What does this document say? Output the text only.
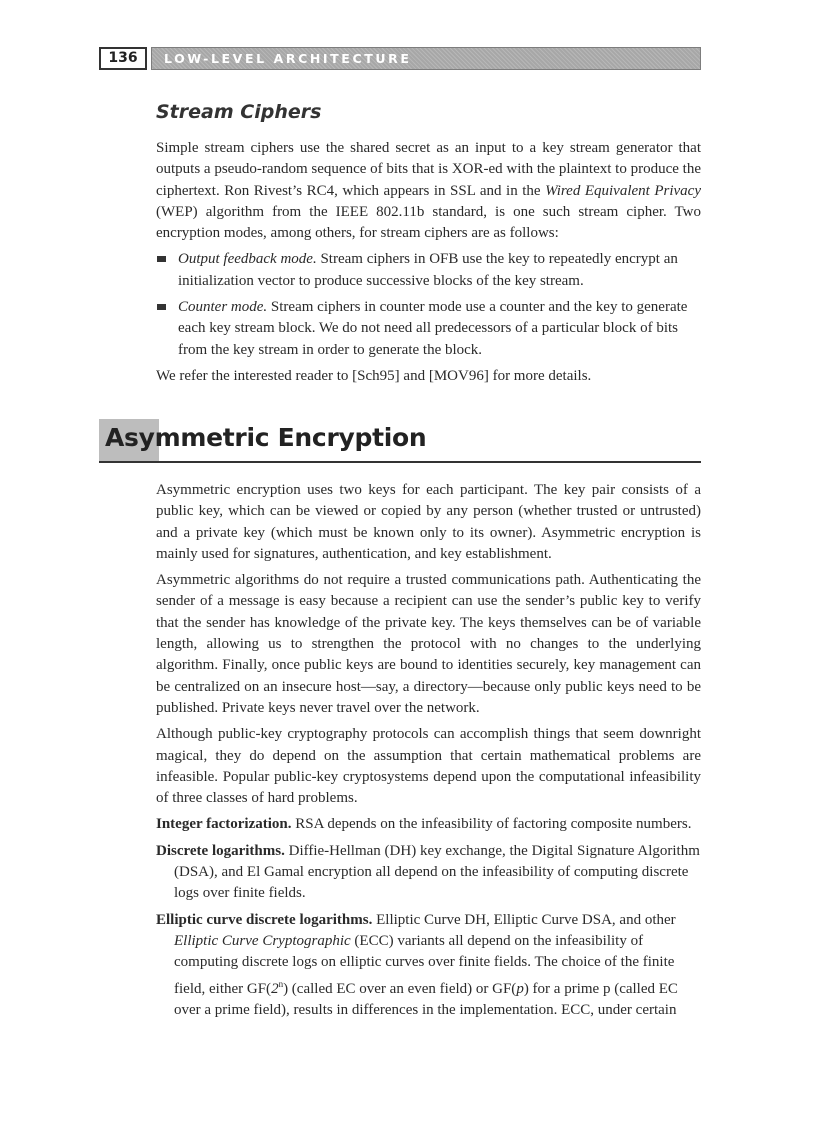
136	LOW-LEVEL ARCHITECTURE
Stream Ciphers

Simple stream ciphers use the shared secret as an input to a key stream generator that outputs a pseudo-random sequence of bits that is XOR-ed with the plaintext to produce the ciphertext. Ron Rivest’s RC4, which appears in SSL and in the Wired Equivalent Privacy (WEP) algorithm from the IEEE 802.11b standard, is one such stream cipher. Two encryption modes, among others, for stream ciphers are as follows:

Output feedback mode. Stream ciphers in OFB use the key to repeatedly encrypt an initialization vector to produce successive blocks of the key stream.
Counter mode. Stream ciphers in counter mode use a counter and the key to generate each key stream block. We do not need all predecessors of a particular block of bits from the key stream in order to generate the block.

We refer the interested reader to [Sch95] and [MOV96] for more details.

Asymmetric Encryption

Asymmetric encryption uses two keys for each participant. The key pair consists of a public key, which can be viewed or copied by any person (whether trusted or untrusted) and a private key (which must be known only to its owner). Asymmetric encryption is mainly used for signatures, authentication, and key establishment.

Asymmetric algorithms do not require a trusted communications path. Authenticating the sender of a message is easy because a recipient can use the sender’s public key to verify that the sender has knowledge of the private key. The keys themselves can be of variable length, allowing us to strengthen the protocol with no changes to the underlying algorithm. Finally, once public keys are bound to identities securely, key management can be centralized on an insecure host—say, a directory—because only public keys need to be published. Private keys never travel over the network.

Although public-key cryptography protocols can accomplish things that seem downright magical, they do depend on the assumption that certain mathematical problems are infeasible. Popular public-key cryptosystems depend upon the computational infeasibility of three classes of hard problems.

Integer factorization. RSA depends on the infeasibility of factoring composite numbers.
Discrete logarithms. Diffie-Hellman (DH) key exchange, the Digital Signature Algorithm (DSA), and El Gamal encryption all depend on the infeasibility of computing discrete logs over finite fields.
Elliptic curve discrete logarithms. Elliptic Curve DH, Elliptic Curve DSA, and other Elliptic Curve Cryptographic (ECC) variants all depend on the infeasibility of computing discrete logs on elliptic curves over finite fields. The choice of the finite field, either GF(2$^n$) (called EC over an even field) or GF(p) for a prime p (called EC over a prime field), results in differences in the implementation. ECC, under certain
